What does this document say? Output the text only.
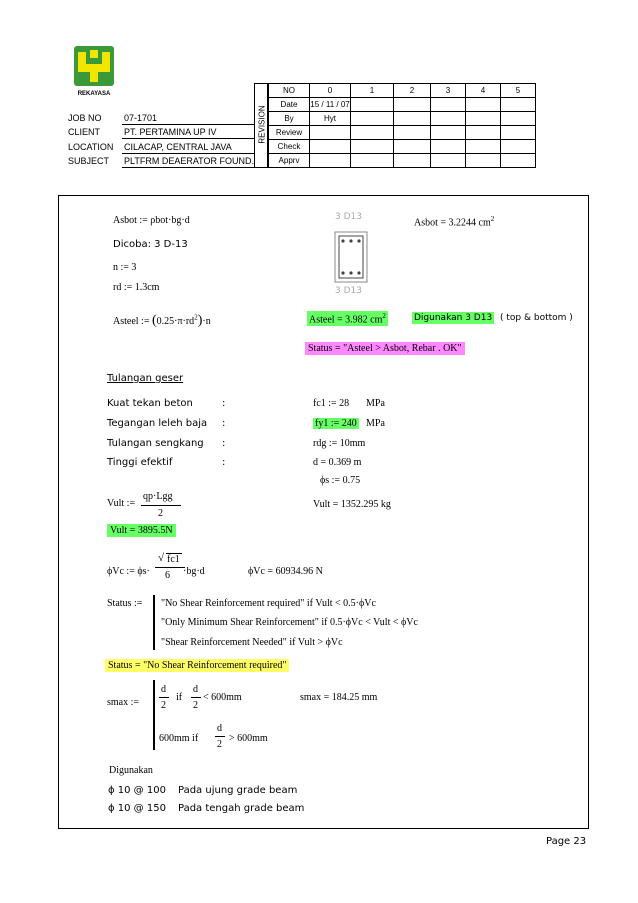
REKAYASA
JOB NO 07-1701
CLIENT	PT. PERTAMINA UP IV
LOCATION CILACAP, CENTRAL JAVA
SUBJECT PLTFRM DEAERATOR FOUND.
REVISION
NO	0	1	2	3	4	5
Date	15 / 11 / 07					
By	Hyt					
Review						
Check						
Apprv						
Asbot := ρbot·bg·d	Asbot = 3.2244 $cm^2$
3 D13
3 D13
Dicoba: 3 D-13
n := 3
rd := 1.3cm
Asteel := $(0.25\cdot\pi\cdot rd^2)\cdot n$	Asteel = 3.982 $cm^2$	Digunakan 3 D13 ( top & bottom )
Status = "Asteel > Asbot, Rebar . OK"
Tulangan geser
Kuat tekan beton	:	fc1 := 28 MPa
Tegangan leleh baja :	fy1 := 240 MPa
Tulangan sengkang :	rdg := 10mm
Tinggi efektif	:	d = 0.369 m
ϕs := 0.75
Vult :=
qp·Lgg
2
Vult = 1352.295 kg
Vult = 3895.5N
ϕVc := ϕs·
√ fc1
6 ·bg·d	ϕVc = 60934.96 N
Status := "No Shear Reinforcement required" if Vult < 0.5·ϕVc
"Only Minimum Shear Reinforcement" if 0.5·ϕVc < Vult < ϕVc
"Shear Reinforcement Needed" if Vult > ϕVc
Status = "No Shear Reinforcement required"
smax :=
d
2
if
d
2
< 600mm	smax = 184.25 mm
600mm if
d
2
> 600mm
Digunakan
ϕ 10 @ 100 Pada ujung grade beam
ϕ 10 @ 150 Pada tengah grade beam
Page 23
